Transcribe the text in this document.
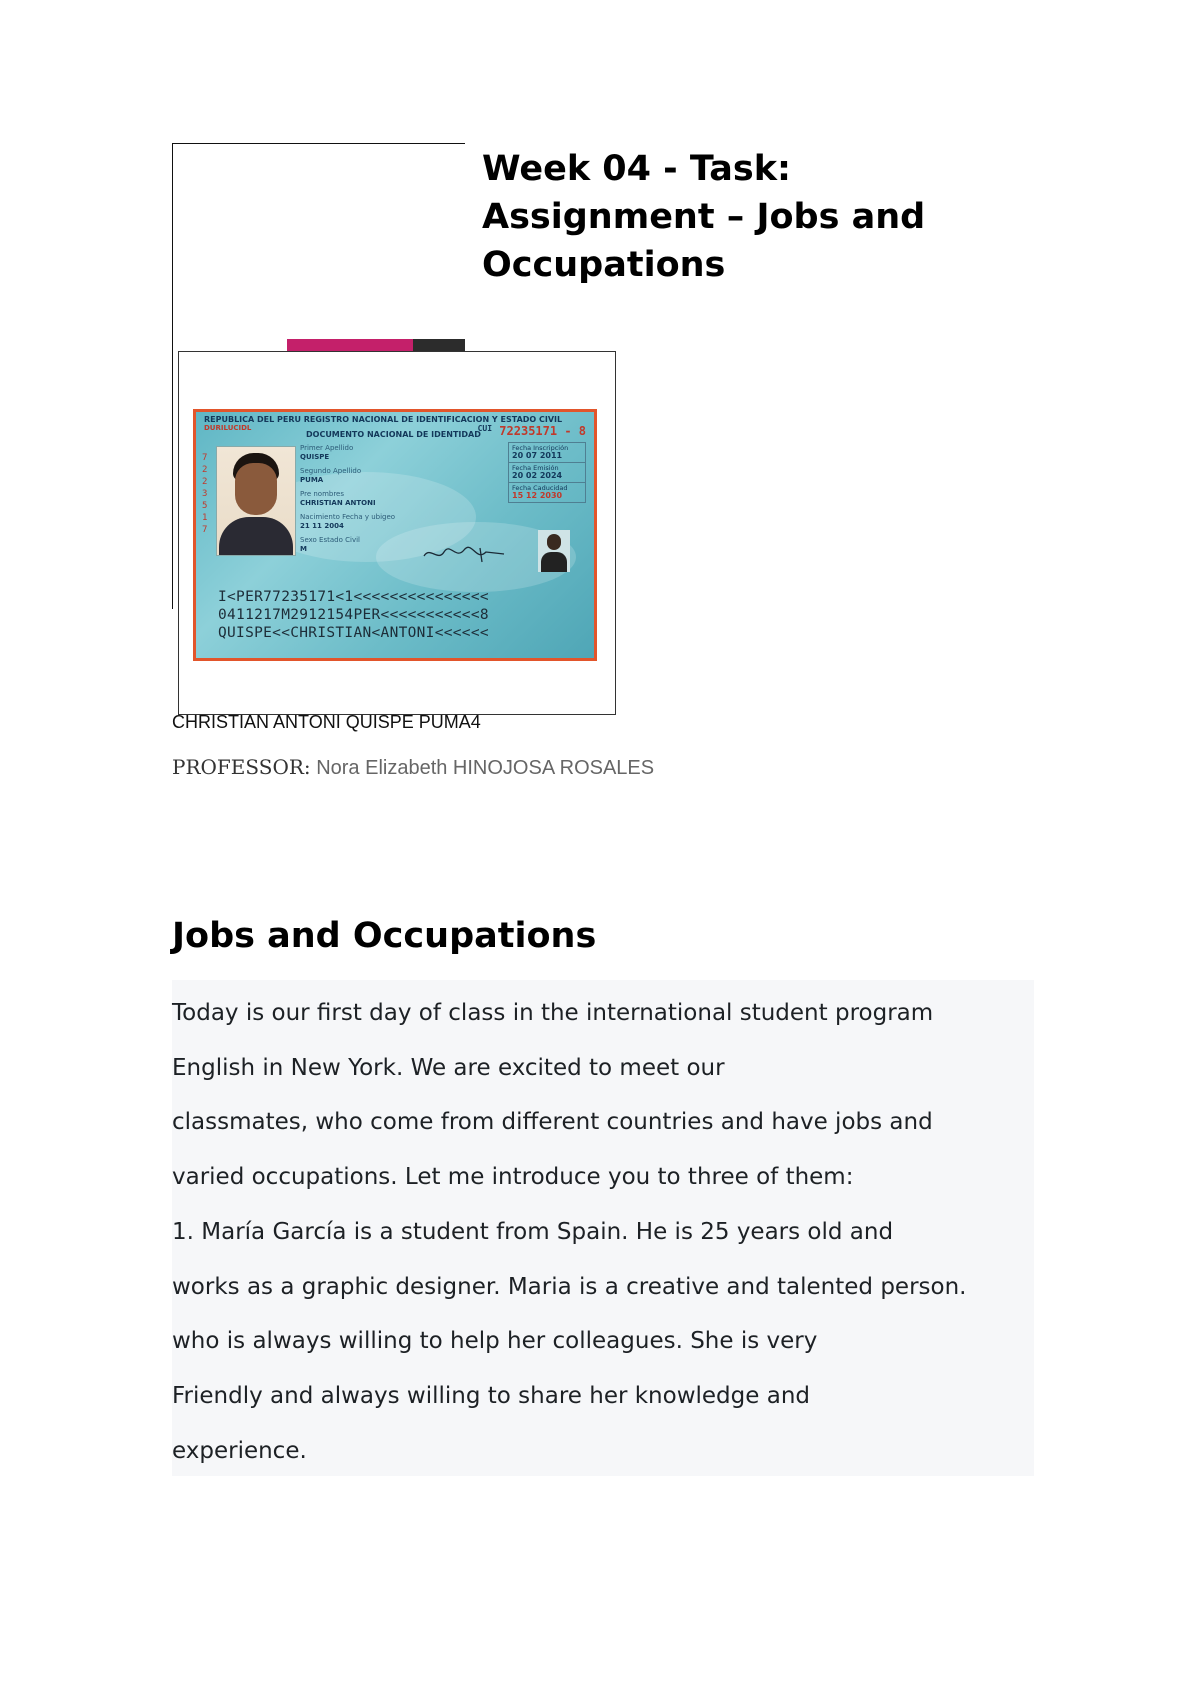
REPUBLICA DEL PERU REGISTRO NACIONAL DE IDENTIFICACION Y ESTADO CIVIL
DURILUCIDL
DOCUMENTO NACIONAL DE IDENTIDAD
$^{CUI}$ 72235171 - 8
7223517
Primer Apellido
QUISPE
Segundo Apellido
PUMA
Pre nombres
CHRISTIAN ANTONI
Nacimiento Fecha y ubigeo
21 11 2004
Sexo Estado Civil
M
Fecha Inscripción
20 07 2011
Fecha Emisión
20 02 2024
Fecha Caducidad
15 12 2030
I<PER77235171<1<<<<<<<<<<<<<<<
0411217M2912154PER<<<<<<<<<<<8
QUISPE<<CHRISTIAN<ANTONI<<<<<<
Week 04 - Task:
Assignment – Jobs and
Occupations
CHRISTIAN ANTONI QUISPE PUMA4
PROFESSOR: Nora Elizabeth HINOJOSA ROSALES
Jobs and Occupations

Today is our first day of class in the international student program

English in New York. We are excited to meet our

classmates, who come from different countries and have jobs and

varied occupations. Let me introduce you to three of them:

1. María García is a student from Spain. He is 25 years old and

works as a graphic designer. Maria is a creative and talented person.

who is always willing to help her colleagues. She is very

Friendly and always willing to share her knowledge and

experience.
